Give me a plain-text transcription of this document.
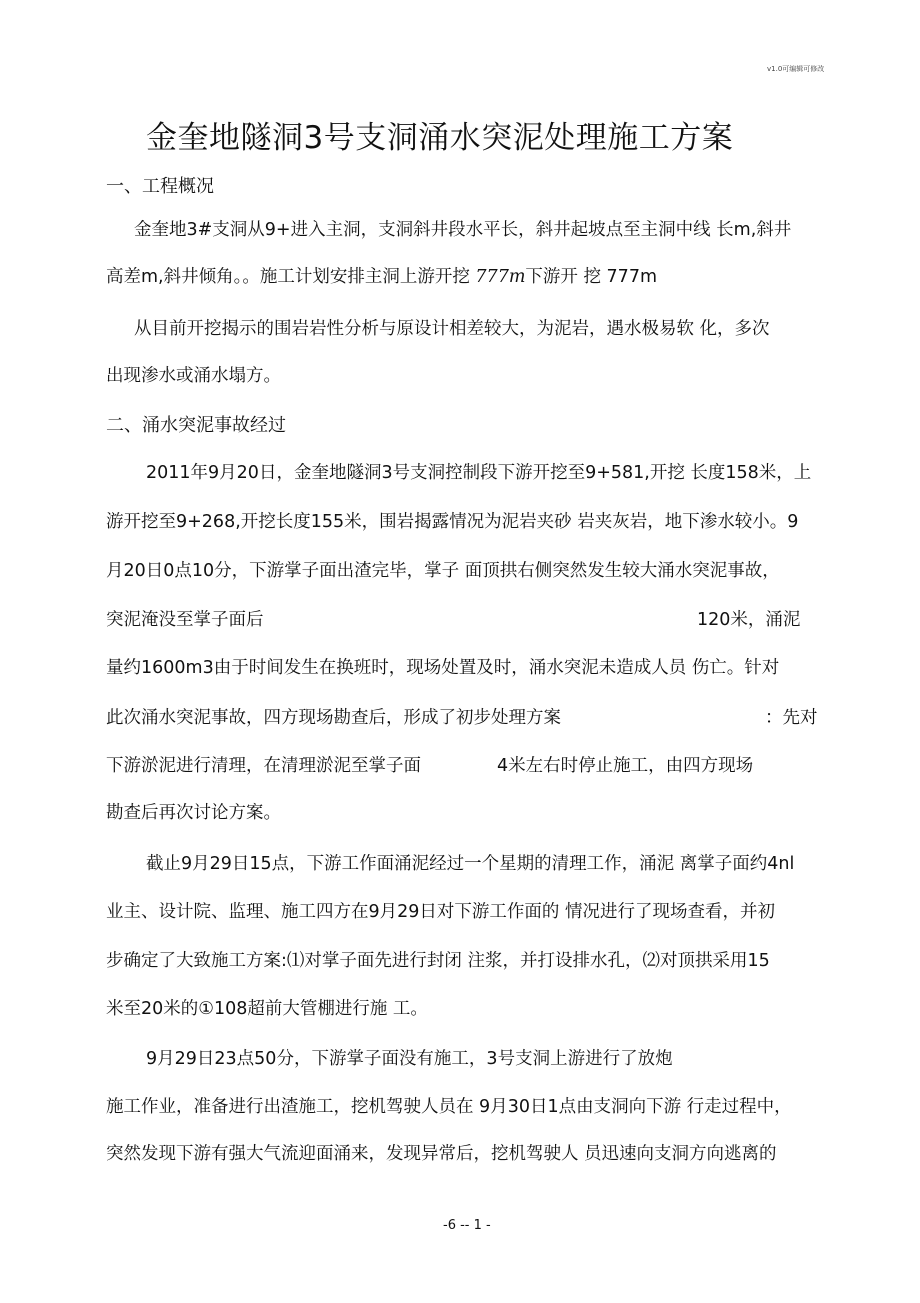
v1.0可编辑可修改
金奎地隧洞3号支洞涌水突泥处理施工方案
一、工程概况
金奎地3#支洞从9+进入主洞，支洞斜井段水平长，斜井起坡点至主洞中线 长m,斜井
高差m,斜井倾角。。施工计划安排主洞上游开挖 777m下游开 挖 777m
从目前开挖揭示的围岩岩性分析与原设计相差较大，为泥岩，遇水极易软 化，多次
出现渗水或涌水塌方。
二、涌水突泥事故经过
2011年9月20日，金奎地隧洞3号支洞控制段下游开挖至9+581,开挖 长度158米，上
游开挖至9+268,开挖长度155米，围岩揭露情况为泥岩夹砂 岩夹灰岩，地下渗水较小。9
月20日0点10分，下游掌子面出渣完毕，掌子 面顶拱右侧突然发生较大涌水突泥事故，
突泥淹没至掌子面后	120米，涌泥
量约1600m3由于时间发生在换班时，现场处置及时，涌水突泥未造成人员 伤亡。针对
此次涌水突泥事故，四方现场勘查后，形成了初步处理方案	：先对
下游淤泥进行清理，在清理淤泥至掌子面	4米左右时停止施工，由四方现场
勘查后再次讨论方案。
截止9月29日15点，下游工作面涌泥经过一个星期的清理工作，涌泥 离掌子面约4nl
业主、设计院、监理、施工四方在9月29日对下游工作面的 情况进行了现场查看，并初
步确定了大致施工方案:⑴对掌子面先进行封闭 注浆，并打设排水孔，⑵对顶拱采用15
米至20米的①108超前大管棚进行施 工。
9月29日23点50分，下游掌子面没有施工，3号支洞上游进行了放炮
施工作业，准备进行出渣施工，挖机驾驶人员在 9月30日1点由支洞向下游 行走过程中，
突然发现下游有强大气流迎面涌来，发现异常后，挖机驾驶人 员迅速向支洞方向逃离的
-6 -- 1 -
